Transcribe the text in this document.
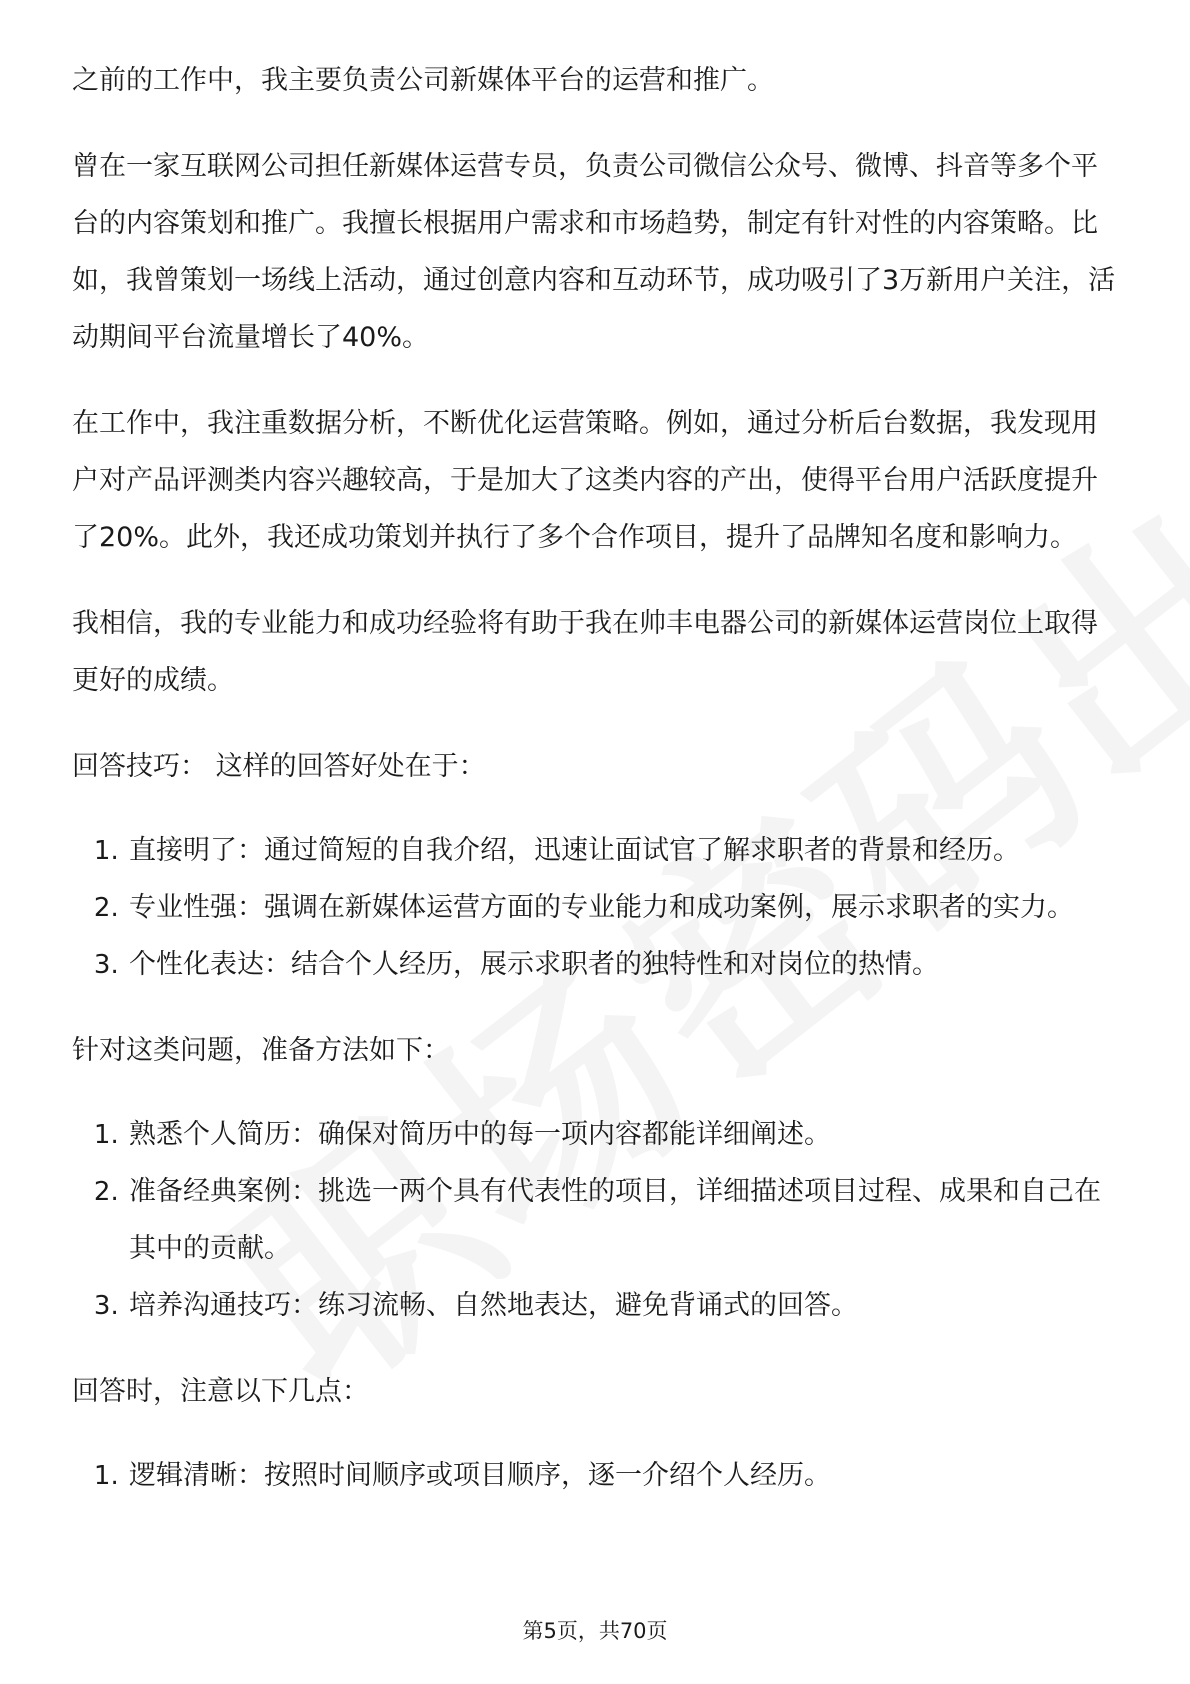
之前的工作中，我主要负责公司新媒体平台的运营和推广。

曾在一家互联网公司担任新媒体运营专员，负责公司微信公众号、微博、抖音等多个平台的内容策划和推广。我擅长根据用户需求和市场趋势，制定有针对性的内容策略。比如，我曾策划一场线上活动，通过创意内容和互动环节，成功吸引了3万新用户关注，活动期间平台流量增长了40%。

在工作中，我注重数据分析，不断优化运营策略。例如，通过分析后台数据，我发现用户对产品评测类内容兴趣较高，于是加大了这类内容的产出，使得平台用户活跃度提升了20%。此外，我还成功策划并执行了多个合作项目，提升了品牌知名度和影响力。

我相信，我的专业能力和成功经验将有助于我在帅丰电器公司的新媒体运营岗位上取得更好的成绩。

回答技巧： 这样的回答好处在于：

1. 直接明了：通过简短的自我介绍，迅速让面试官了解求职者的背景和经历。
2. 专业性强：强调在新媒体运营方面的专业能力和成功案例，展示求职者的实力。
3. 个性化表达：结合个人经历，展示求职者的独特性和对岗位的热情。

针对这类问题，准备方法如下：

1. 熟悉个人简历：确保对简历中的每一项内容都能详细阐述。
2. 准备经典案例：挑选一两个具有代表性的项目，详细描述项目过程、成果和自己在其中的贡献。
3. 培养沟通技巧：练习流畅、自然地表达，避免背诵式的回答。

回答时，注意以下几点：

1. 逻辑清晰：按照时间顺序或项目顺序，逐一介绍个人经历。
第5页，共70页
